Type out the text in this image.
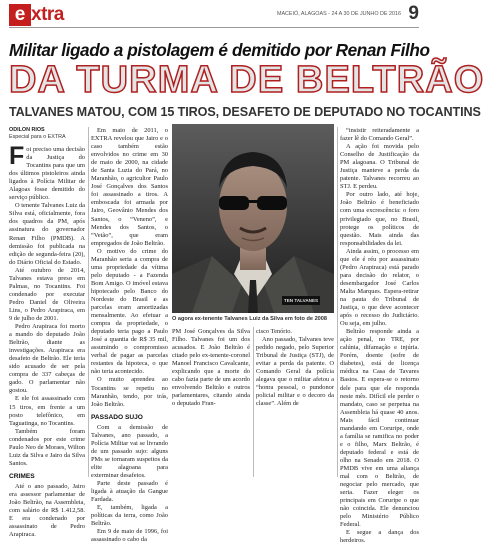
e xtra	MACEIÓ, ALAGOAS - 24 A 30 DE JUNHO DE 2016 9
Militar ligado a pistolagem é demitido por Renan Filho
DA TURMA DE BELTRÃO
TALVANES MATOU, COM 15 TIROS, DESAFETO DE DEPUTADO NO TOCANTINS
ODILON RIOS
Especial para o EXTRA

Foi preciso uma decisão da Justiça do Tocantins para que um dos últimos pistoleiros ainda ligados à Polícia Militar de Alagoas fosse demitido do serviço público.

O tenente Talvanes Luiz da Silva está, oficialmente, fora dos quadros da PM, após assinatura do governador Renan Filho (PMDB). A demissão foi publicada na edição de segunda-feira (20), do Diário Oficial do Estado.

Até outubro de 2014, Talvanes estava preso em Palmas, no Tocantins. Foi condenado por executar Pedro Daniel de Oliveira Lins, o Pedro Arapiraca, em 9 de julho de 2001.

Pedro Arapiraca foi morto a mando do deputado João Beltrão, diante as investigações. Arapiraca era desafeto de Beltrão. Ele teria sido acusado de ser pela compra de 337 cabeças de gado. O parlamentar não gostou.

E ele foi assassinado com 15 tiros, em frente a um posto telefônico, em Taguatinga, no Tocantins.

Também foram condenados por este crime Paulo Neo de Moraes, Wilton Luiz da Silva e Jairo da Silva Santos.

CRIMES

Até o ano passado, Jairo era assessor parlamentar de João Beltrão, na Assembleia, com salário de R$ 1.412,58. E era condenado por assassinato de Pedro Arapiraca.

Em maio de 2011, o EXTRA revelou que Jairo e o caso também estão envolvidos no crime em 30 de maio de 2000, na cidade de Santa Luzia do Pará, no Maranhão, o agricultor Paulo José Gonçalves dos Santos foi assassinado a tiros. A emboscada foi armada por Jairo, Geovânio Mendes dos Santos, o “Veneno”, e Mendes dos Santos, o “Vetão”, que eram empregados de João Beltrão.

O motivo do crime do Maranhão seria a compra de uma propriedade da vítima pelo deputado - a Fazenda Bom Amigo. O imóvel estava hipotecado pelo Banco do Nordeste do Brasil e as parcelas eram amortizadas mensalmente. Ao efetuar a compra da propriedade, o deputado teria pago a Paulo José a quantia de R$ 35 mil, assumindo o compromisso verbal de pagar as parcelas restantes da hipoteca, o que não teria acontecido.

O muito aprendeu ao Tocantins se repetiu no Maranhão, tendo, por trás, João Beltrão.

PASSADO SUJO

Com a demissão de Talvanes, ano passado, a Polícia Militar vai se livrando de um passado sujo: alguns PMs se tornaram suspeitos da elite alagoana para exterminar desafetos.

Parte deste passado é ligada à atuação da Gangue Fardada.

E, também, ligada a políticas da terra, como João Beltrão.

Em 9 de maio de 1996, foi assassinado o cabo da

TEN TALVANES
O agora ex-tenente Talvanes Luiz da Silva em foto de 2008

PM José Gonçalves da Silva Filho. Talvanes foi um dos acusados. E João Beltrão é citado pelo ex-tenente-coronel Manoel Francisco Cavalcante, explicando que a morte do cabo fazia parte de um acordo envolvendo Beltrão e outros parlamentares, citando ainda o deputado Fran-

cisco Tenório.

Ano passado, Talvanes teve pedido negado, pelo Superior Tribunal de Justiça (STJ), de evitar a perda da patente. O Comando Geral da polícia alegava que o militar afetou a “honra pessoal, o pundonor policial militar e o decoro da classe”. Além de

“insistir reiteradamente a fazer lê do Comando Geral”.

A ação foi movida pelo Conselho de Justificação da PM alagoana. O Tribunal de Justiça manteve a perda da patente. Talvanes recorreu ao STJ. E perdeu.

Por outro lado, até hoje, João Beltrão é beneficiado com uma excrescência: o foro privilegiado que, no Brasil, protege os políticos de questão. Mais ainda das responsabilidades da lei.

Ainda assim, o processo em que ele é réu por assassinato (Pedro Arapiraca) está parado para decisão do relator, o desembargador José Carlos Malta Marques. Espera-retirar na pauta do Tribunal de Justiça, o que deve acontecer após o recesso do Judiciário. Ou seja, em julho.

Beltrão responde ainda a ação penal, no TRE, por calúnia, difamação e injúria. Porém, doente (sofre de diabetes), está de licença médica na Casa de Tavares Bastos. E espera-se o retorno dele para que ele responda neste mês. Difícil ele perder o mandato, caso se perpetua na Assembleia há quase 40 anos. Mais fácil continuar mandando em Coruripe, onde a família se ramifica no poder e o filho, Marx Beltrão, é deputado federal e está de olho na Senado em 2018. O PMDB vive em uma aliança mal com o Beltrão, de negociar pelo mercado, que seria. Fazer eleger os principais em Coruripe o que não coincida. Ele denunciou pelo Ministério Público Federal.

E segue a dança dos herdeiros.
